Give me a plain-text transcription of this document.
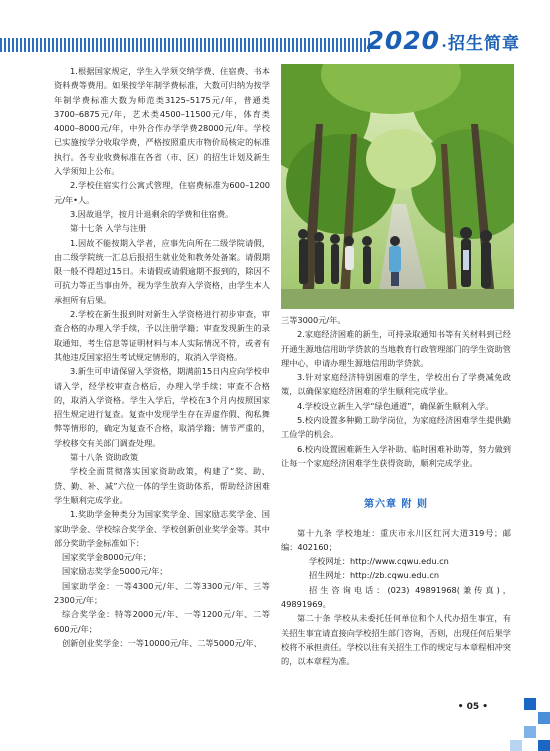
2020 • 招生简章

1.根据国家规定，学生入学须交纳学费、住宿费、书本资料费等费用。如果按学年制学费标准，大数可归纳为按学年制学费标准大数为师范类3125–5175元/年，普通类3700–6875元/年，艺术类4500–11500元/年，体育类4000–8000元/年，中外合作办学学费28000元/年。学校已实施按学分收取学费，严格按照重庆市物价局核定的标准执行。各专业收费标准在各省（市、区）的招生计划及新生入学须知上公布。

2.学校住宿实行公寓式管理，住宿费标准为600–1200元/年•人。

3.因故退学，按月计退剩余的学费和住宿费。

第十七条 入学与注册

1.因故不能按期入学者，应事先向所在二级学院请假，由二级学院统一汇总后报招生就业处和教务处备案。请假期限一般不得超过15日。未请假或请假逾期不报到的，除因不可抗力等正当事由外，视为学生放弃入学资格，由学生本人承担所有后果。

2.学校在新生报到时对新生入学资格进行初步审查，审查合格的办理入学手续，予以注册学籍；审查发现新生的录取通知、考生信息等证明材料与本人实际情况不符，或者有其他违反国家招生考试规定情形的，取消入学资格。

3.新生可申请保留入学资格，期满前15日内应向学校申请入学，经学校审查合格后，办理入学手续；审查不合格的，取消入学资格。学生入学后，学校在3个月内按照国家招生规定进行复查。复查中发现学生存在弄虚作假、徇私舞弊等情形的，确定为复查不合格，取消学籍；情节严重的，学校移交有关部门调查处理。

第十八条 资助政策

学校全面贯彻落实国家资助政策，构建了“奖、助、贷、勤、补、减”六位一体的学生资助体系，帮助经济困难学生顺利完成学业。

1.奖助学金种类分为国家奖学金、国家励志奖学金、国家助学金、学校综合奖学金、学校创新创业奖学金等。其中部分奖助学金标准如下：

国家奖学金8000元/年；

国家励志奖学金5000元/年；

国家助学金：一等4300元/年、二等3300元/年、三等2300元/年；

综合奖学金：特等2000元/年、一等1200元/年、二等600元/年；

创新创业奖学金：一等10000元/年、二等5000元/年、

三等3000元/年。

2.家庭经济困难的新生，可持录取通知书等有关材料到已经开通生源地信用助学贷款的当地教育行政管理部门的学生资助管理中心，申请办理生源地信用助学贷款。

3.针对家庭经济特别困难的学生，学校出台了学费减免政策，以确保家庭经济困难的学生顺利完成学业。

4.学校设立新生入学“绿色通道”，确保新生顺利入学。

5.校内设置多种勤工助学岗位，为家庭经济困难学生提供勤工俭学的机会。

6.校内设置困难新生入学补助、临时困难补助等，努力做到让每一个家庭经济困难学生获得资助，顺利完成学业。

第六章 附 则

第十九条 学校地址：重庆市永川区红河大道319号；邮编：402160；

学校网址：http://www.cqwu.edu.cn

招生网址：http://zb.cqwu.edu.cn

招生咨询电话：(023) 49891968(兼传真)，49891969。

第二十条 学校从未委托任何单位和个人代办招生事宜，有关招生事宜请直接向学校招生部门咨询，否则，出现任何后果学校将不承担责任。学校以往有关招生工作的规定与本章程相冲突的，以本章程为准。

• 05 •
